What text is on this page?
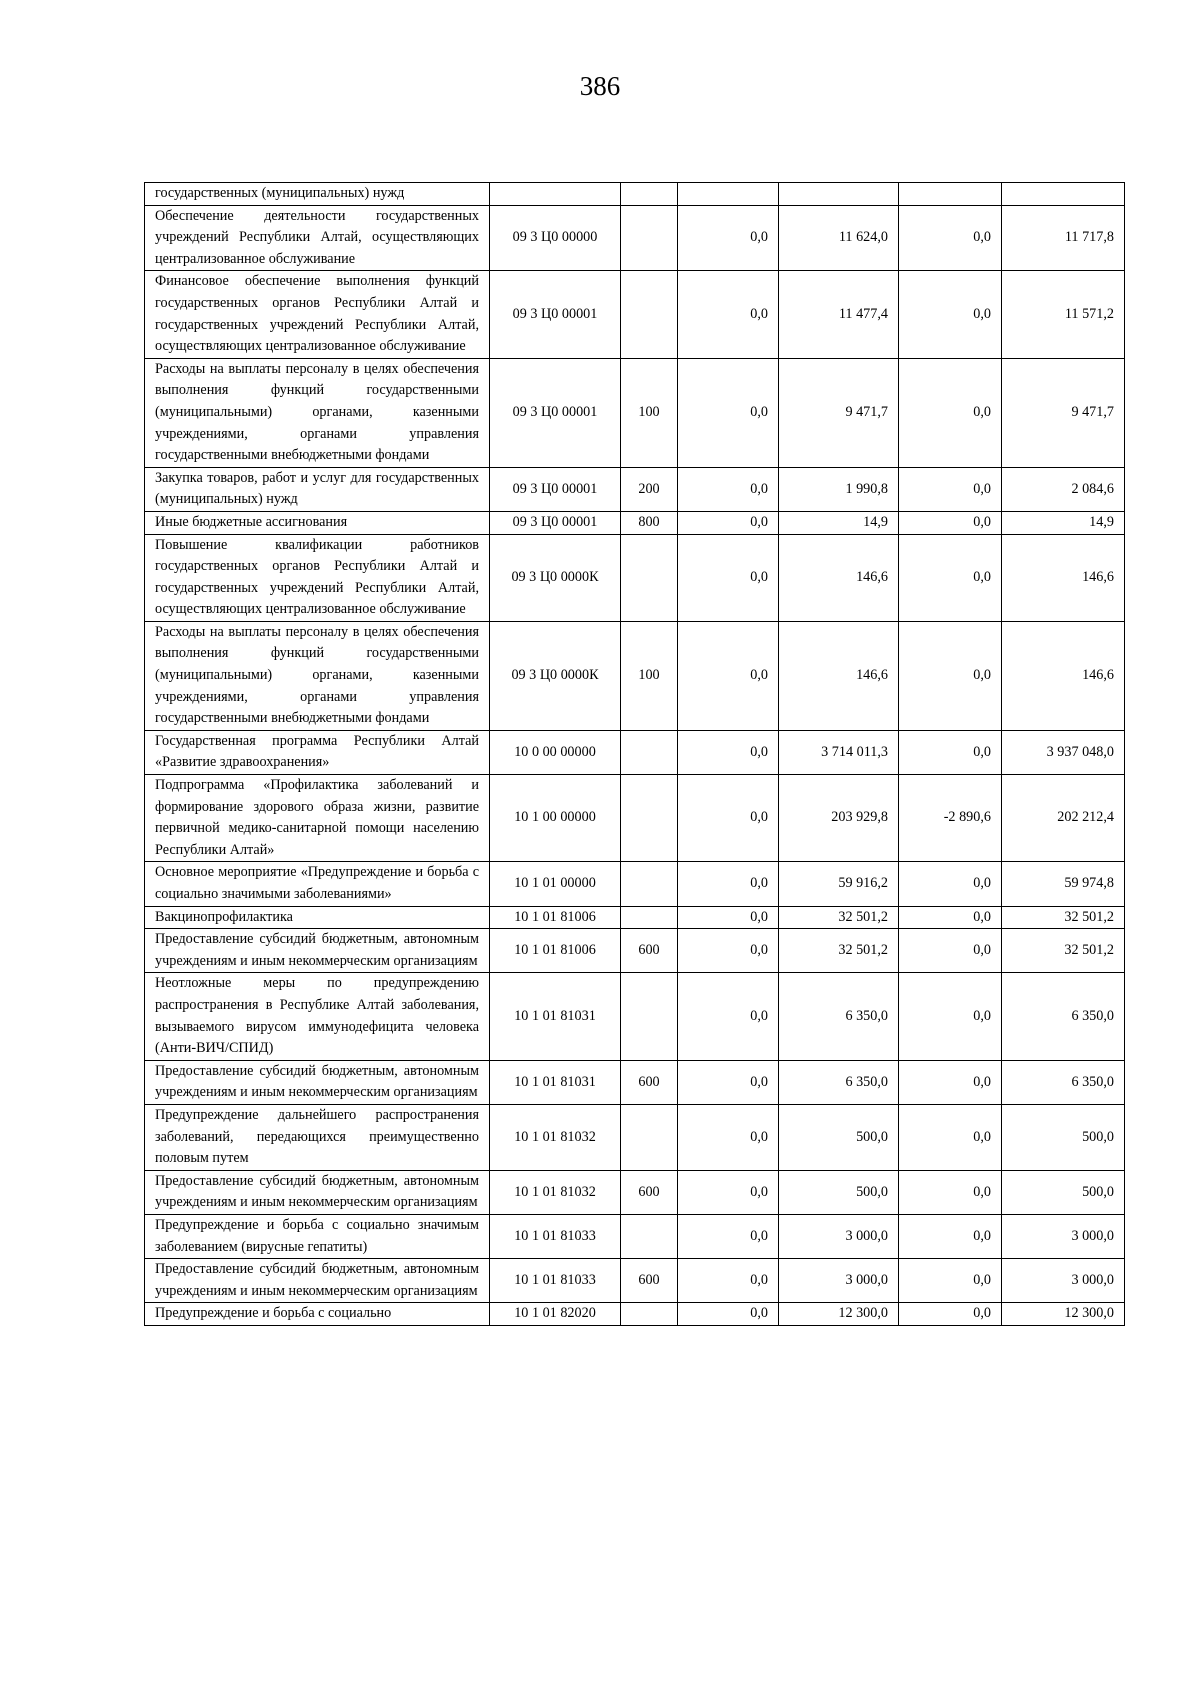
386
государственных (муниципальных) нужд						
Обеспечение деятельности государственных учреждений Республики Алтай, осуществляющих централизованное обслуживание	09 3 Ц0 00000		0,0	11 624,0	0,0	11 717,8
Финансовое обеспечение выполнения функций государственных органов Республики Алтай и государственных учреждений Республики Алтай, осуществляющих централизованное обслуживание	09 3 Ц0 00001		0,0	11 477,4	0,0	11 571,2
Расходы на выплаты персоналу в целях обеспечения выполнения функций государственными (муниципальными) органами, казенными учреждениями, органами управления государственными внебюджетными фондами	09 3 Ц0 00001	100	0,0	9 471,7	0,0	9 471,7
Закупка товаров, работ и услуг для государственных (муниципальных) нужд	09 3 Ц0 00001	200	0,0	1 990,8	0,0	2 084,6
Иные бюджетные ассигнования	09 3 Ц0 00001	800	0,0	14,9	0,0	14,9
Повышение квалификации работников государственных органов Республики Алтай и государственных учреждений Республики Алтай, осуществляющих централизованное обслуживание	09 3 Ц0 0000К		0,0	146,6	0,0	146,6
Расходы на выплаты персоналу в целях обеспечения выполнения функций государственными (муниципальными) органами, казенными учреждениями, органами управления государственными внебюджетными фондами	09 3 Ц0 0000К	100	0,0	146,6	0,0	146,6
Государственная программа Республики Алтай «Развитие здравоохранения»	10 0 00 00000		0,0	3 714 011,3	0,0	3 937 048,0
Подпрограмма «Профилактика заболеваний и формирование здорового образа жизни, развитие первичной медико-санитарной помощи населению Республики Алтай»	10 1 00 00000		0,0	203 929,8	-2 890,6	202 212,4
Основное мероприятие «Предупреждение и борьба с социально значимыми заболеваниями»	10 1 01 00000		0,0	59 916,2	0,0	59 974,8
Вакцинопрофилактика	10 1 01 81006		0,0	32 501,2	0,0	32 501,2
Предоставление субсидий бюджетным, автономным учреждениям и иным некоммерческим организациям	10 1 01 81006	600	0,0	32 501,2	0,0	32 501,2
Неотложные меры по предупреждению распространения в Республике Алтай заболевания, вызываемого вирусом иммунодефицита человека (Анти-ВИЧ/СПИД)	10 1 01 81031		0,0	6 350,0	0,0	6 350,0
Предоставление субсидий бюджетным, автономным учреждениям и иным некоммерческим организациям	10 1 01 81031	600	0,0	6 350,0	0,0	6 350,0
Предупреждение дальнейшего распространения заболеваний, передающихся преимущественно половым путем	10 1 01 81032		0,0	500,0	0,0	500,0
Предоставление субсидий бюджетным, автономным учреждениям и иным некоммерческим организациям	10 1 01 81032	600	0,0	500,0	0,0	500,0
Предупреждение и борьба с социально значимым заболеванием (вирусные гепатиты)	10 1 01 81033		0,0	3 000,0	0,0	3 000,0
Предоставление субсидий бюджетным, автономным учреждениям и иным некоммерческим организациям	10 1 01 81033	600	0,0	3 000,0	0,0	3 000,0
Предупреждение и борьба с социально	10 1 01 82020		0,0	12 300,0	0,0	12 300,0
